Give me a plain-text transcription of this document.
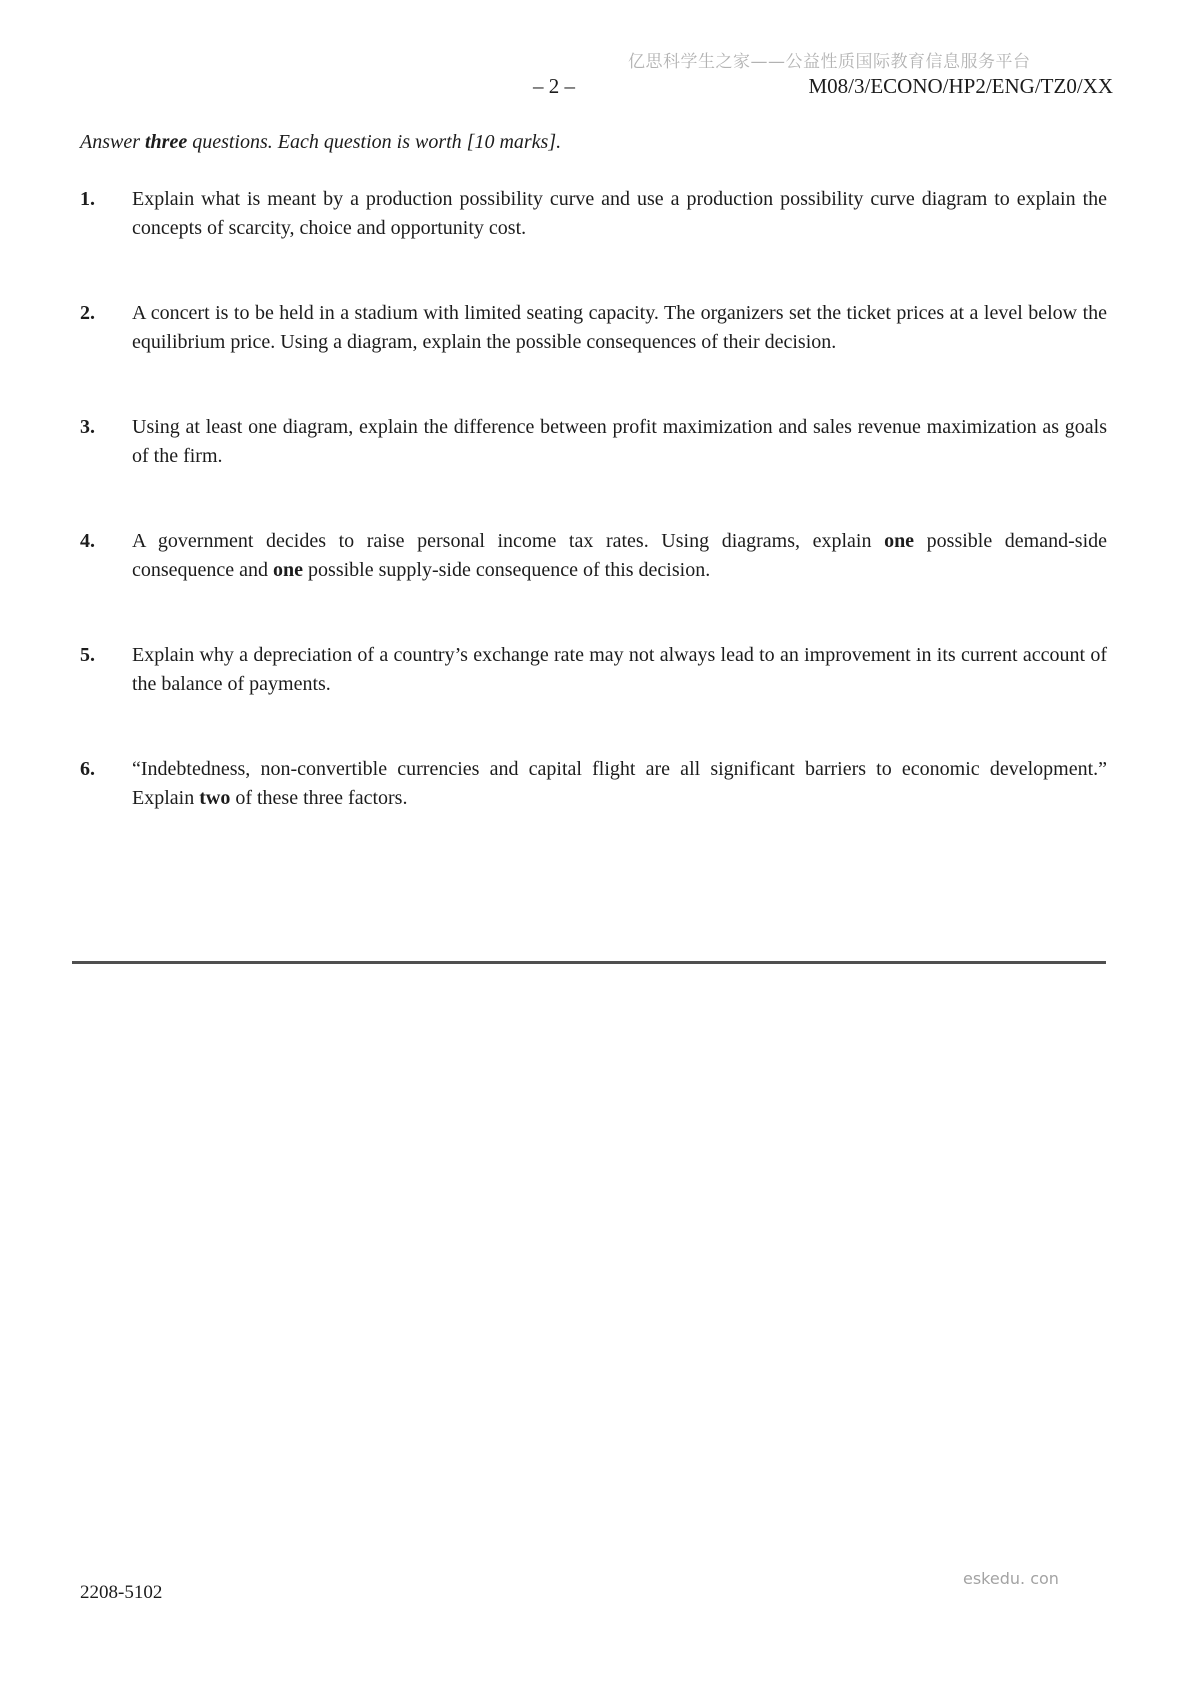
亿思科学生之家——公益性质国际教育信息服务平台
– 2 –	M08/3/ECONO/HP2/ENG/TZ0/XX

Answer three questions. Each question is worth [10 marks].

1.	Explain what is meant by a production possibility curve and use a production possibility curve diagram to explain the concepts of scarcity, choice and opportunity cost.
2.	A concert is to be held in a stadium with limited seating capacity. The organizers set the ticket prices at a level below the equilibrium price. Using a diagram, explain the possible consequences of their decision.
3.	Using at least one diagram, explain the difference between profit maximization and sales revenue maximization as goals of the firm.
4.	A government decides to raise personal income tax rates. Using diagrams, explain one possible demand-side consequence and one possible supply-side consequence of this decision.
5.	Explain why a depreciation of a country’s exchange rate may not always lead to an improvement in its current account of the balance of payments.
6.	“Indebtedness, non-convertible currencies and capital flight are all significant barriers to economic development.” Explain two of these three factors.
2208-5102
eskedu. con
